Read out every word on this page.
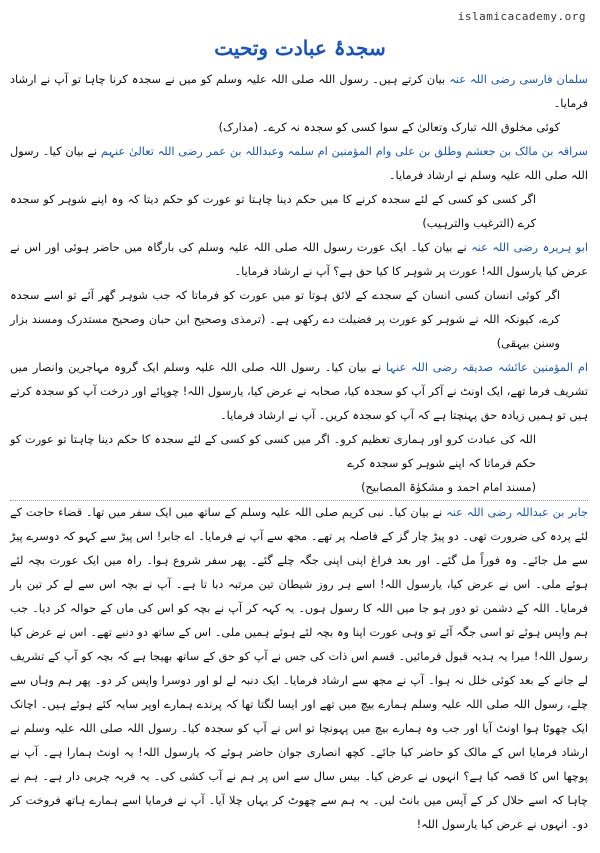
islamicacademy.org
سجدۂ عبادت وتحیت

سلمان فارسی رضی اللہ عنہ بیان کرتے ہیں۔ رسول اللہ صلی اللہ علیہ وسلم کو میں نے سجدہ کرنا چاہا تو آپ نے ارشاد فرمایا۔

کوئی مخلوق اللہ تبارک وتعالیٰ کے سوا کسی کو سجدہ نہ کرے۔ (مدارک)

سراقہ بن مالک بن جعشم وطلق بن علی وام المؤمنین ام سلمہ وعبداللہ بن عمر رضی اللہ تعالیٰ عنہم نے بیان کیا۔ رسول اللہ صلی اللہ علیہ وسلم نے ارشاد فرمایا۔

اگر کسی کو کسی کے لئے سجدہ کرنے کا میں حکم دینا چاہتا تو عورت کو حکم دیتا کہ وہ اپنے شوہر کو سجدہ کرے (الترغیب والترہیب)

ابو ہریرہ رضی اللہ عنہ نے بیان کیا۔ ایک عورت رسول اللہ صلی اللہ علیہ وسلم کی بارگاہ میں حاضر ہوئی اور اس نے عرض کیا یارسول اللہ! عورت پر شوہر کا کیا حق ہے؟ آپ نے ارشاد فرمایا۔

اگر کوئی انسان کسی انسان کے سجدے کے لائق ہوتا تو میں عورت کو فرماتا کہ جب شوہر گھر آئے تو اسے سجدہ کرے، کیونکہ اللہ نے شوہر کو عورت پر فضیلت دے رکھی ہے۔ (ترمذی وصحیح ابن حبان وصحیح مستدرک ومسند بزار وسنن بیہقی)

ام المؤمنین عائشہ صدیقہ رضی اللہ عنہا نے بیان کیا۔ رسول اللہ صلی اللہ علیہ وسلم ایک گروہ مہاجرین وانصار میں تشریف فرما تھے، ایک اونٹ نے آکر آپ کو سجدہ کیا، صحابہ نے عرض کیا، یارسول اللہ! چوپائے اور درخت آپ کو سجدہ کرتے ہیں تو ہمیں زیادہ حق پہنچتا ہے کہ آپ کو سجدہ کریں۔ آپ نے ارشاد فرمایا۔

اللہ کی عبادت کرو اور ہماری تعظیم کرو۔ اگر میں کسی کو کسی کے لئے سجدہ کا حکم دینا چاہتا تو عورت کو حکم فرماتا کہ اپنے شوہر کو سجدہ کرے

(مسند امام احمد و مشکوٰۃ المصابیح)

جابر بن عبداللہ رضی اللہ عنہ نے بیان کیا۔ نبی کریم صلی اللہ علیہ وسلم کے ساتھ میں ایک سفر میں تھا۔ قضاء حاجت کے لئے پردہ کی ضرورت تھی۔ دو پیڑ چار گز کے فاصلہ پر تھے۔ مجھ سے آپ نے فرمایا۔ اے جابر! اس پیڑ سے کہو کہ دوسرے پیڑ سے مل جائے۔ وہ فوراً مل گئے۔ اور بعد فراغ اپنی اپنی جگہ چلے گئے۔ پھر سفر شروع ہوا۔ راہ میں ایک عورت بچہ لئے ہوئے ملی۔ اس نے عرض کیا، یارسول اللہ! اسے ہر روز شیطان تین مرتبہ دبا تا ہے۔ آپ نے بچہ اس سے لے کر تین بار فرمایا۔ اللہ کے دشمن تو دور ہو جا میں اللہ کا رسول ہوں۔ یہ کہہ کر آپ نے بچہ کو اس کی ماں کے حوالہ کر دیا۔ جب ہم واپس ہوئے تو اسی جگہ آئے تو وہی عورت اپنا وہ بچہ لئے ہوئے ہمیں ملی۔ اس کے ساتھ دو دنبے تھے۔ اس نے عرض کیا رسول اللہ! میرا یہ ہدیہ قبول فرمائیں۔ قسم اس ذات کی جس نے آپ کو حق کے ساتھ بھیجا ہے کہ بچہ کو آپ کے تشریف لے جانے کے بعد کوئی خلل نہ ہوا۔ آپ نے مجھ سے ارشاد فرمایا۔ ایک دنبہ لے لو اور دوسرا واپس کر دو۔ پھر ہم وہاں سے چلے، رسول اللہ صلی اللہ علیہ وسلم ہمارے بیچ میں تھے اور ایسا لگتا تھا کہ پرندے ہمارے اوپر سایہ کئے ہوئے ہیں۔ اچانک ایک چھوٹا ہوا اونٹ آیا اور جب وہ ہمارے بیچ میں پہونچا تو اس نے آپ کو سجدہ کیا۔ رسول اللہ صلی اللہ علیہ وسلم نے ارشاد فرمایا اس کے مالک کو حاضر کیا جائے۔ کچھ انصاری جوان حاضر ہوئے کہ یارسول اللہ! یہ اونٹ ہمارا ہے۔ آپ نے پوچھا اس کا قصہ کیا ہے؟ انہوں نے عرض کیا۔ بیس سال سے اس پر ہم نے آب کشی کی۔ یہ فربہ چربی دار ہے۔ ہم نے چاہا کہ اسے حلال کر کے آپس میں بانٹ لیں۔ یہ ہم سے چھوٹ کر یہاں چلا آیا۔ آپ نے فرمایا اسے ہمارے ہاتھ فروخت کر دو۔ انہوں نے عرض کیا یارسول اللہ!
